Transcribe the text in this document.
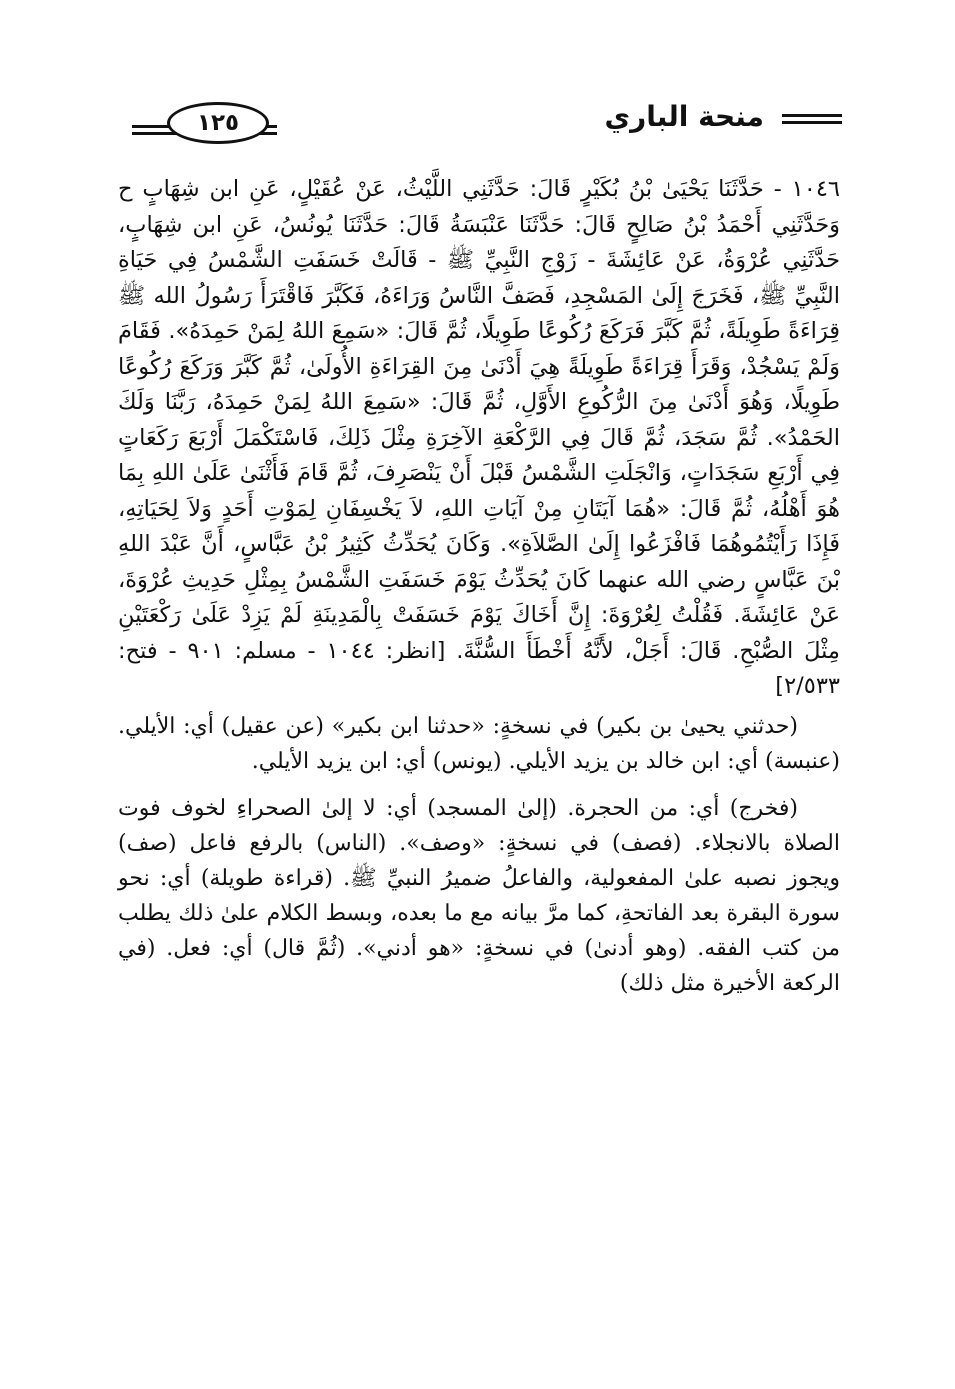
١٢٥	منحة الباري

١٠٤٦ - حَدَّثَنَا يَحْيَىٰ بْنُ بُكَيْرٍ قَالَ: حَدَّثَنِي اللَّيْثُ، عَنْ عُقَيْلٍ، عَنِ ابن شِهَابٍ ح وَحَدَّثَنِي أَحْمَدُ بْنُ صَالِحٍ قَالَ: حَدَّثَنَا عَنْبَسَةُ قَالَ: حَدَّثَنَا يُونُسُ، عَنِ ابن شِهَابٍ، حَدَّثَنِي عُرْوَةُ، عَنْ عَائِشَةَ - زَوْجِ النَّبِيِّ ﷺ - قَالَتْ خَسَفَتِ الشَّمْسُ فِي حَيَاةِ النَّبِيِّ ﷺ، فَخَرَجَ إِلَىٰ المَسْجِدِ، فَصَفَّ النَّاسُ وَرَاءَهُ، فَكَبَّرَ فَاقْتَرَأَ رَسُولُ الله ﷺ قِرَاءَةً طَوِيلَةً، ثُمَّ كَبَّرَ فَرَكَعَ رُكُوعًا طَوِيلًا، ثُمَّ قَالَ: «سَمِعَ اللهُ لِمَنْ حَمِدَهُ». فَقَامَ وَلَمْ يَسْجُدْ، وَقَرَأَ قِرَاءَةً طَوِيلَةً هِيَ أَدْنَىٰ مِنَ القِرَاءَةِ الأُولَىٰ، ثُمَّ كَبَّرَ وَرَكَعَ رُكُوعًا طَوِيلًا، وَهُوَ أَدْنَىٰ مِنَ الرُّكُوعِ الأَوَّلِ، ثُمَّ قَالَ: «سَمِعَ اللهُ لِمَنْ حَمِدَهُ، رَبَّنَا وَلَكَ الحَمْدُ». ثُمَّ سَجَدَ، ثُمَّ قَالَ فِي الرَّكْعَةِ الآخِرَةِ مِثْلَ ذَلِكَ، فَاسْتَكْمَلَ أَرْبَعَ رَكَعَاتٍ فِي أَرْبَعِ سَجَدَاتٍ، وَانْجَلَتِ الشَّمْسُ قَبْلَ أَنْ يَنْصَرِفَ، ثُمَّ قَامَ فَأَثْنَىٰ عَلَىٰ اللهِ بِمَا هُوَ أَهْلُهُ، ثُمَّ قَالَ: «هُمَا آيَتَانِ مِنْ آيَاتِ اللهِ، لاَ يَخْسِفَانِ لِمَوْتِ أَحَدٍ وَلاَ لِحَيَاتِهِ، فَإِذَا رَأَيْتُمُوهُمَا فَافْزَعُوا إِلَىٰ الصَّلاَةِ». وَكَانَ يُحَدِّثُ كَثِيرُ بْنُ عَبَّاسٍ، أَنَّ عَبْدَ اللهِ بْنَ عَبَّاسٍ رضي الله عنهما كَانَ يُحَدِّثُ يَوْمَ خَسَفَتِ الشَّمْسُ بِمِثْلِ حَدِيثِ عُرْوَةَ، عَنْ عَائِشَةَ. فَقُلْتُ لِعُرْوَةَ: إِنَّ أَخَاكَ يَوْمَ خَسَفَتْ بِالْمَدِينَةِ لَمْ يَزِدْ عَلَىٰ رَكْعَتَيْنِ مِثْلَ الصُّبْحِ. قَالَ: أَجَلْ، لأَنَّهُ أَخْطَأَ السُّنَّةَ. [انظر: ١٠٤٤ - مسلم: ٩٠١ - فتح: ٢/٥٣٣]

(حدثني يحيىٰ بن بكير) في نسخةٍ: «حدثنا ابن بكير» (عن عقيل) أي: الأيلي. (عنبسة) أي: ابن خالد بن يزيد الأيلي. (يونس) أي: ابن يزيد الأيلي.

(فخرج) أي: من الحجرة. (إلىٰ المسجد) أي: لا إلىٰ الصحراءِ لخوف فوت الصلاة بالانجلاء. (فصف) في نسخةٍ: «وصف». (الناس) بالرفع فاعل (صف) ويجوز نصبه علىٰ المفعولية، والفاعلُ ضميرُ النبيِّ ﷺ. (قراءة طويلة) أي: نحو سورة البقرة بعد الفاتحةِ، كما مرَّ بيانه مع ما بعده، وبسط الكلام علىٰ ذلك يطلب من كتب الفقه. (وهو أدنىٰ) في نسخةٍ: «هو أدني». (ثُمَّ قال) أي: فعل. (في الركعة الأخيرة مثل ذلك)
